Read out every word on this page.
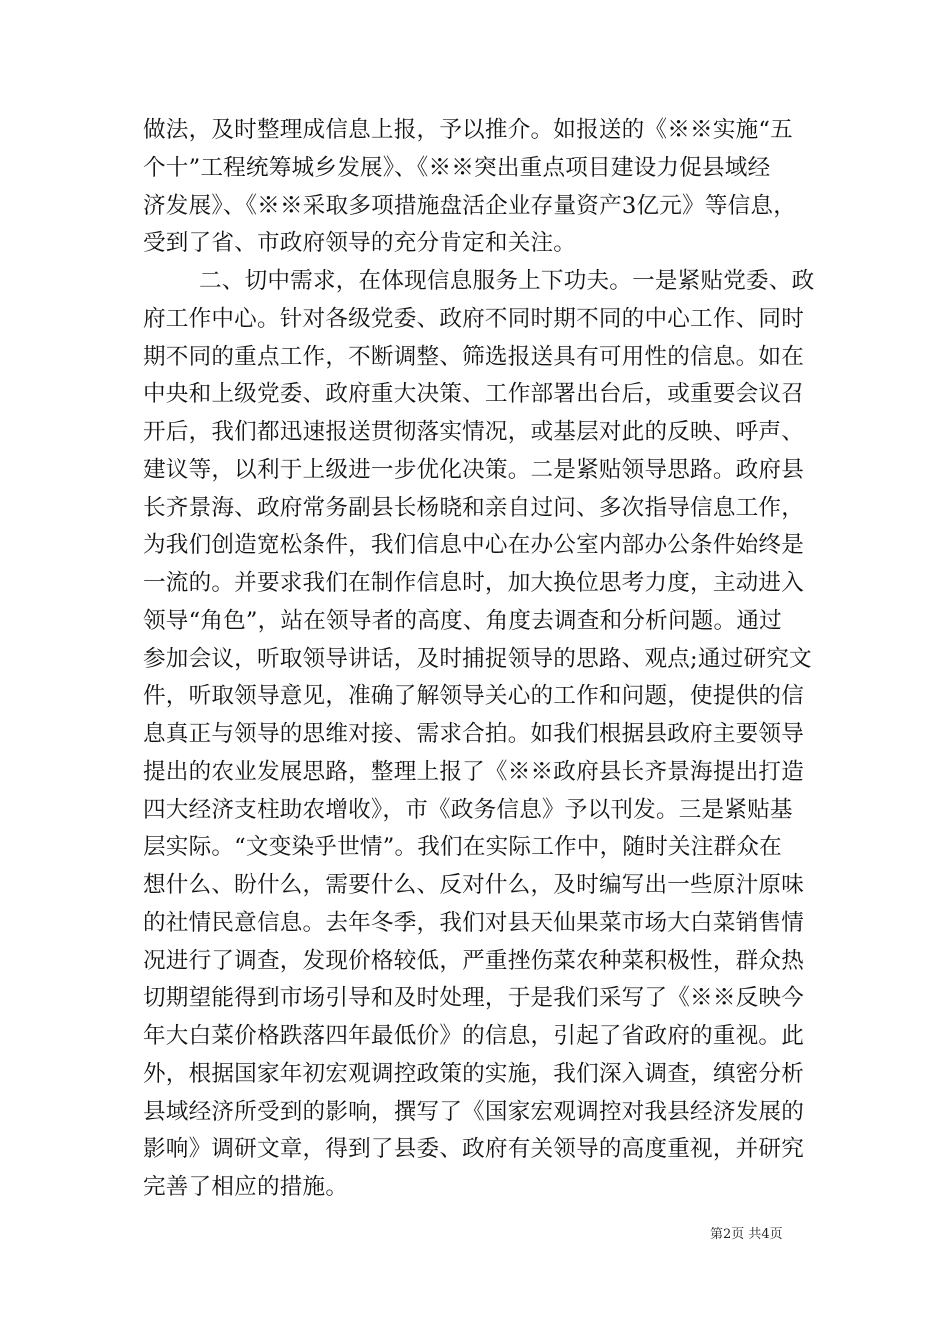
做法，及时整理成信息上报，予以推介。如报送的《※※实施“五
个十”工程统筹城乡发展》、《※※突出重点项目建设力促县域经
济发展》、《※※采取多项措施盘活企业存量资产3亿元》等信息，
受到了省、市政府领导的充分肯定和关注。
二、切中需求，在体现信息服务上下功夫。一是紧贴党委、政
府工作中心。针对各级党委、政府不同时期不同的中心工作、同时
期不同的重点工作，不断调整、筛选报送具有可用性的信息。如在
中央和上级党委、政府重大决策、工作部署出台后，或重要会议召
开后，我们都迅速报送贯彻落实情况，或基层对此的反映、呼声、
建议等，以利于上级进一步优化决策。二是紧贴领导思路。政府县
长齐景海、政府常务副县长杨晓和亲自过问、多次指导信息工作，
为我们创造宽松条件，我们信息中心在办公室内部办公条件始终是
一流的。并要求我们在制作信息时，加大换位思考力度，主动进入
领导“角色”，站在领导者的高度、角度去调查和分析问题。通过
参加会议，听取领导讲话，及时捕捉领导的思路、观点;通过研究文
件，听取领导意见，准确了解领导关心的工作和问题，使提供的信
息真正与领导的思维对接、需求合拍。如我们根据县政府主要领导
提出的农业发展思路，整理上报了《※※政府县长齐景海提出打造
四大经济支柱助农增收》，市《政务信息》予以刊发。三是紧贴基
层实际。“文变染乎世情”。我们在实际工作中，随时关注群众在
想什么、盼什么，需要什么、反对什么，及时编写出一些原汁原味
的社情民意信息。去年冬季，我们对县天仙果菜市场大白菜销售情
况进行了调查，发现价格较低，严重挫伤菜农种菜积极性，群众热
切期望能得到市场引导和及时处理，于是我们采写了《※※反映今
年大白菜价格跌落四年最低价》的信息，引起了省政府的重视。此
外，根据国家年初宏观调控政策的实施，我们深入调查，缜密分析
县域经济所受到的影响，撰写了《国家宏观调控对我县经济发展的
影响》调研文章，得到了县委、政府有关领导的高度重视，并研究
完善了相应的措施。
第2页 共4页
